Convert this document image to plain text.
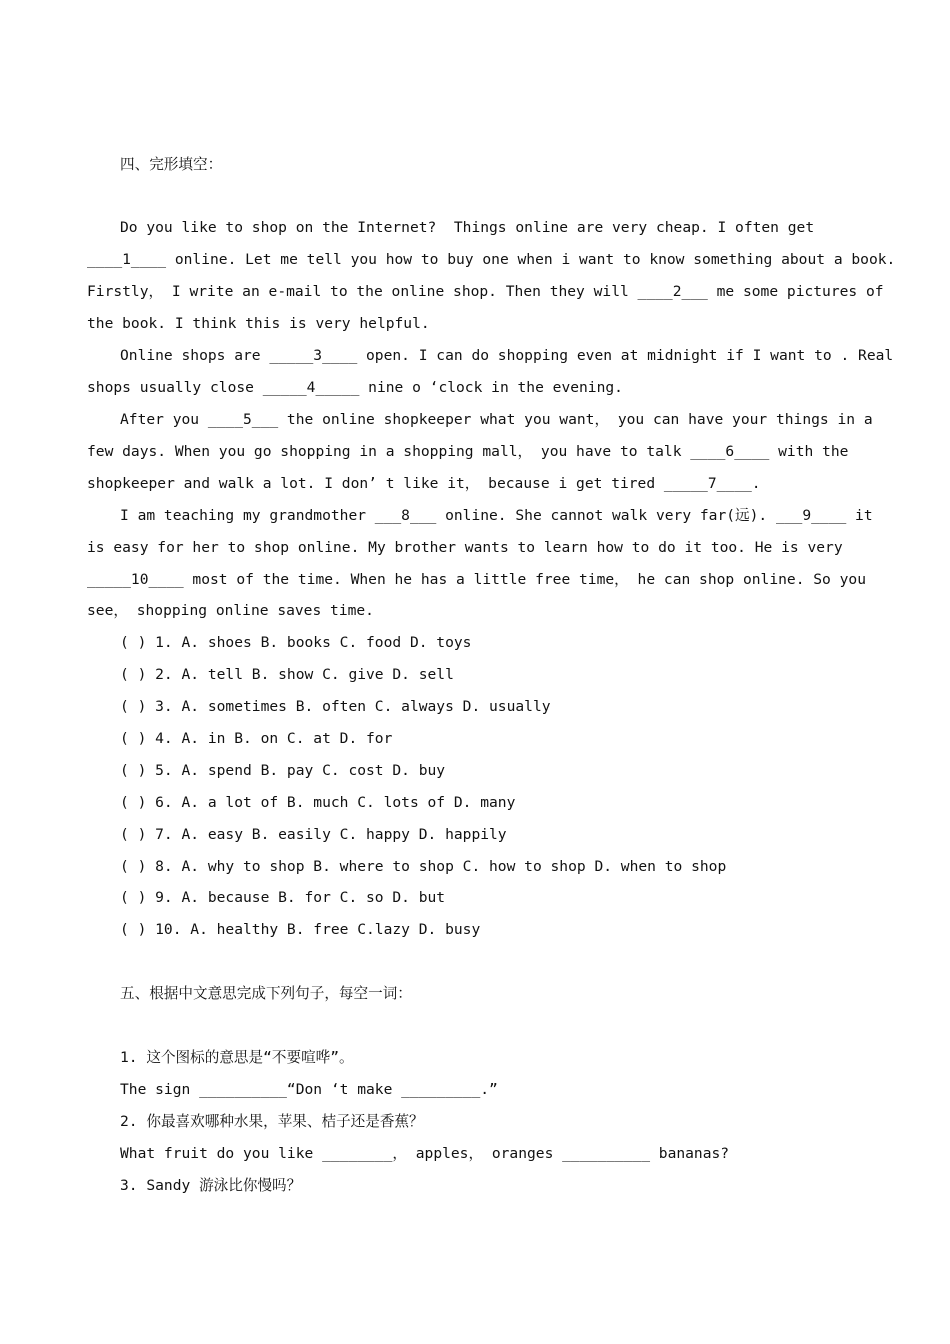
四、完形填空：
Do you like to shop on the Internet?  Things online are very cheap. I often get
____1____ online. Let me tell you how to buy one when i want to know something about a book.
Firstly， I write an e-mail to the online shop. Then they will ____2___ me some pictures of
the book. I think this is very helpful.
Online shops are _____3____ open. I can do shopping even at midnight if I want to . Real
shops usually close _____4_____ nine o ‘clock in the evening.
After you ____5___ the online shopkeeper what you want， you can have your things in a
few days. When you go shopping in a shopping mall， you have to talk ____6____ with the
shopkeeper and walk a lot. I don’ t like it， because i get tired _____7____.
I am teaching my grandmother ___8___ online. She cannot walk very far(远). ___9____ it
is easy for her to shop online. My brother wants to learn how to do it too. He is very
_____10____ most of the time. When he has a little free time， he can shop online. So you
see， shopping online saves time.
( ) 1. A. shoes B. books C. food D. toys
( ) 2. A. tell B. show C. give D. sell
( ) 3. A. sometimes B. often C. always D. usually
( ) 4. A. in B. on C. at D. for
( ) 5. A. spend B. pay C. cost D. buy
( ) 6. A. a lot of B. much C. lots of D. many
( ) 7. A. easy B. easily C. happy D. happily
( ) 8. A. why to shop B. where to shop C. how to shop D. when to shop
( ) 9. A. because B. for C. so D. but
( ) 10. A. healthy B. free C.lazy D. busy
五、根据中文意思完成下列句子，每空一词：
1. 这个图标的意思是“不要喧哗”。
The sign __________“Don ‘t make _________.”
2. 你最喜欢哪种水果，苹果、桔子还是香蕉？
What fruit do you like ________， apples， oranges __________ bananas?
3. Sandy 游泳比你慢吗？
